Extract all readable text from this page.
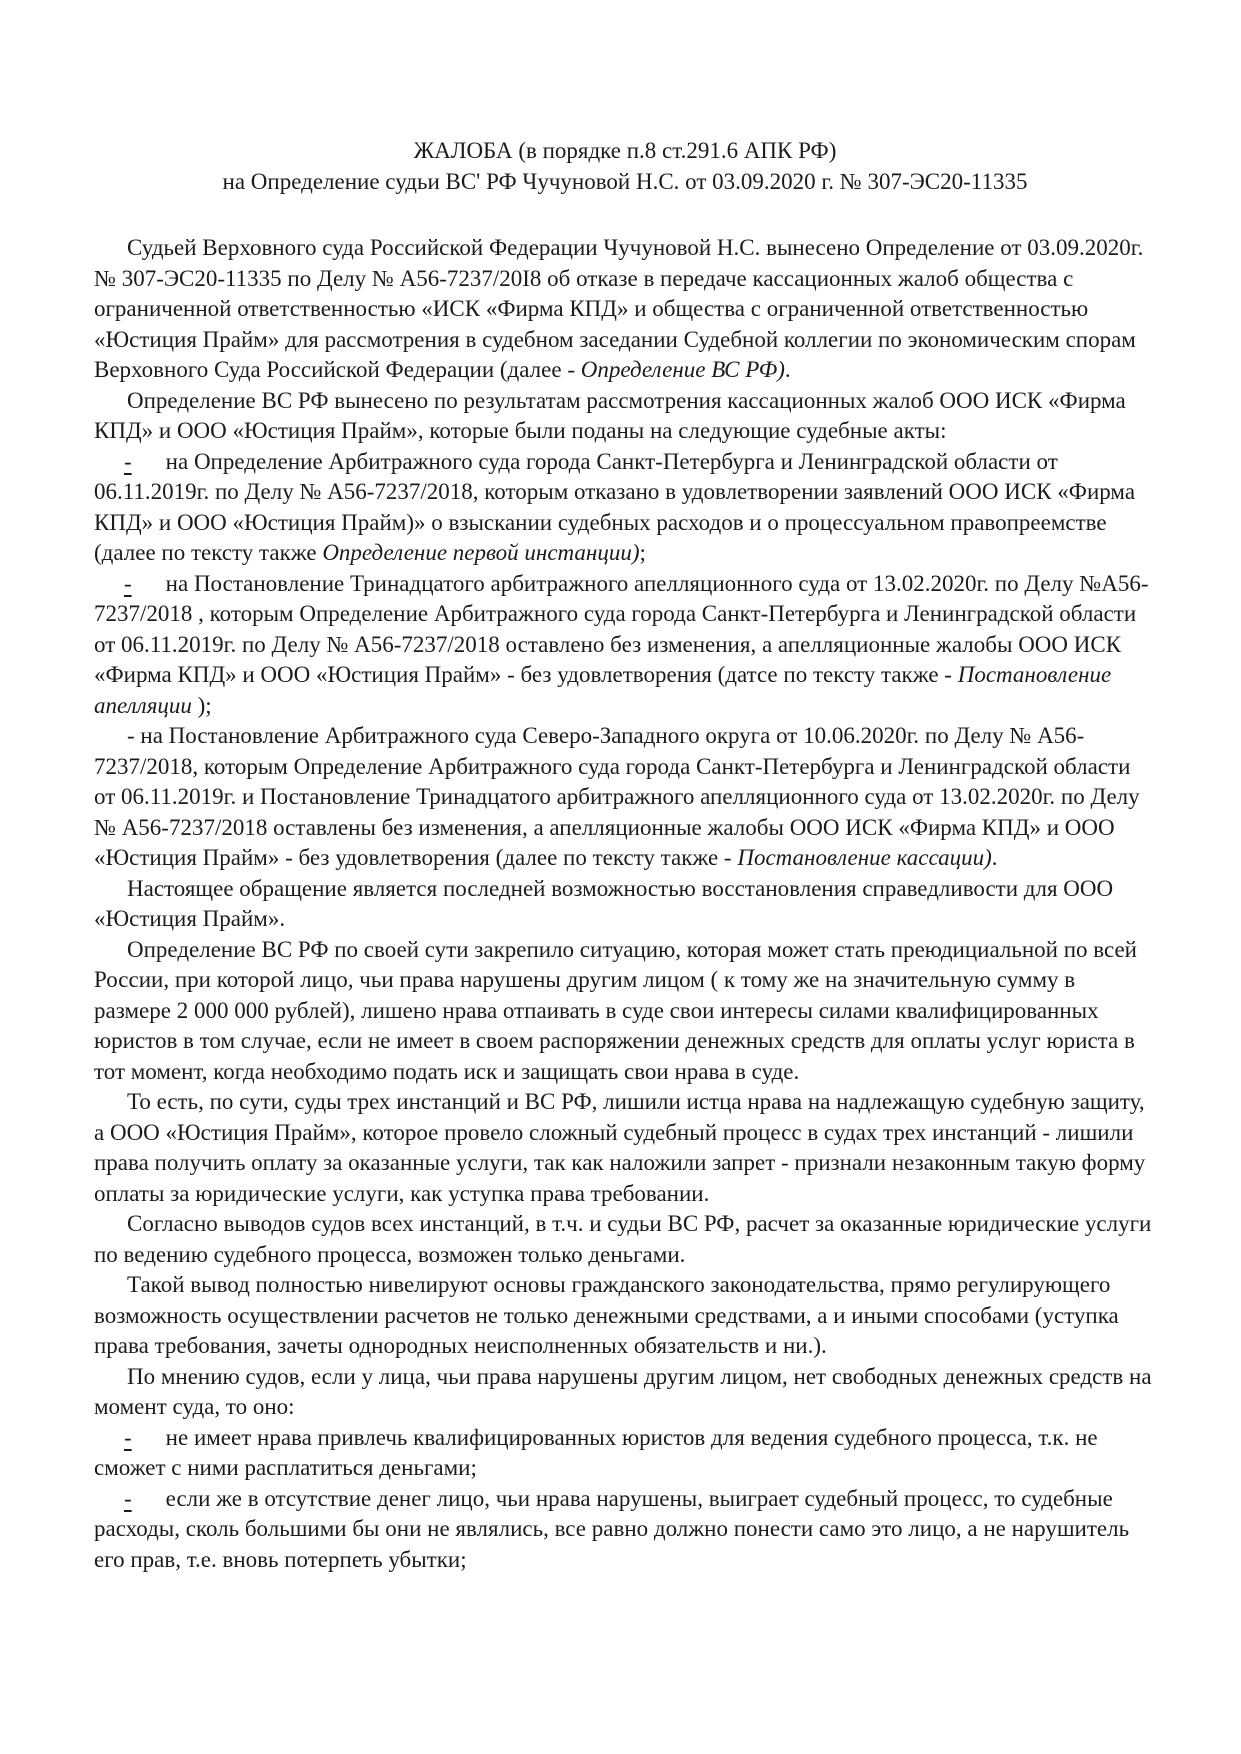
ЖАЛОБА (в порядке п.8 ст.291.6 АПК РФ)
на Определение судьи ВС' РФ Чучуновой Н.С. от 03.09.2020 г. № 307-ЭС20-11335

Судьей Верховного суда Российской Федерации Чучуновой Н.С. вынесено Определение от 03.09.2020г. № 307-ЭС20-11335 по Делу № А56-7237/20I8 об отказе в передаче кассационных жалоб общества с ограниченной ответственностью «ИСК «Фирма КПД» и общества с ограниченной ответственностью «Юстиция Прайм» для рассмотрения в судебном заседании Судебной коллегии по экономическим спорам Верховного Суда Российской Федерации (далее - Определение ВС РФ).

Определение ВС РФ вынесено по результатам рассмотрения кассационных жалоб ООО ИСК «Фирма КПД» и ООО «Юстиция Прайм», которые были поданы на следующие судебные акты:

- на Определение Арбитражного суда города Санкт-Петербурга и Ленинградской области от 06.11.2019г. по Делу № А56-7237/2018, которым отказано в удовлетворении заявлений ООО ИСК «Фирма КПД» и ООО «Юстиция Прайм)» о взыскании судебных расходов и о процессуальном правопреемстве (далее по тексту также Определение первой инстанции);

- на Постановление Тринадцатого арбитражного апелляционного суда от 13.02.2020г. по Делу №А56-7237/2018 , которым Определение Арбитражного суда города Санкт-Петербурга и Ленинградской области от 06.11.2019г. по Делу № А56-7237/2018 оставлено без изменения, а апелляционные жалобы ООО ИСК «Фирма КПД» и ООО «Юстиция Прайм» - без удовлетворения (датсе по тексту также - Постановление апелляции );

- на Постановление Арбитражного суда Северо-Западного округа от 10.06.2020г. по Делу № А56-7237/2018, которым Определение Арбитражного суда города Санкт-Петербурга и Ленинградской области от 06.11.2019г. и Постановление Тринадцатого арбитражного апелляционного суда от 13.02.2020г. по Делу № А56-7237/2018 оставлены без изменения, а апелляционные жалобы ООО ИСК «Фирма КПД» и ООО «Юстиция Прайм» - без удовлетворения (далее по тексту также - Постановление кассации).

Настоящее обращение является последней возможностью восстановления справедливости для ООО «Юстиция Прайм».

Определение ВС РФ по своей сути закрепило ситуацию, которая может стать преюдициальной по всей России, при которой лицо, чьи права нарушены другим лицом ( к тому же на значительную сумму в размере 2 000 000 рублей), лишено нрава отпаивать в суде свои интересы силами квалифицированных юристов в том случае, если не имеет в своем распоряжении денежных средств для оплаты услуг юриста в тот момент, когда необходимо подать иск и защищать свои нрава в суде.

То есть, по сути, суды трех инстанций и ВС РФ, лишили истца нрава на надлежащую судебную защиту, а ООО «Юстиция Прайм», которое провело сложный судебный процесс в судах трех инстанций - лишили права получить оплату за оказанные услуги, так как наложили запрет - признали незаконным такую форму оплаты за юридические услуги, как уступка права требовании.

Согласно выводов судов всех инстанций, в т.ч. и судьи ВС РФ, расчет за оказанные юридические услуги по ведению судебного процесса, возможен только деньгами.

Такой вывод полностью нивелируют основы гражданского законодательства, прямо регулирующего возможность осуществлении расчетов не только денежными средствами, а и иными способами (уступка права требования, зачеты однородных неисполненных обязательств и ни.).

По мнению судов, если у лица, чьи права нарушены другим лицом, нет свободных денежных средств на момент суда, то оно:

- не имеет нрава привлечь квалифицированных юристов для ведения судебного процесса, т.к. не сможет с ними расплатиться деньгами;

- если же в отсутствие денег лицо, чьи нрава нарушены, выиграет судебный процесс, то судебные расходы, сколь большими бы они не являлись, все равно должно понести само это лицо, а не нарушитель его прав, т.е. вновь потерпеть убытки;
